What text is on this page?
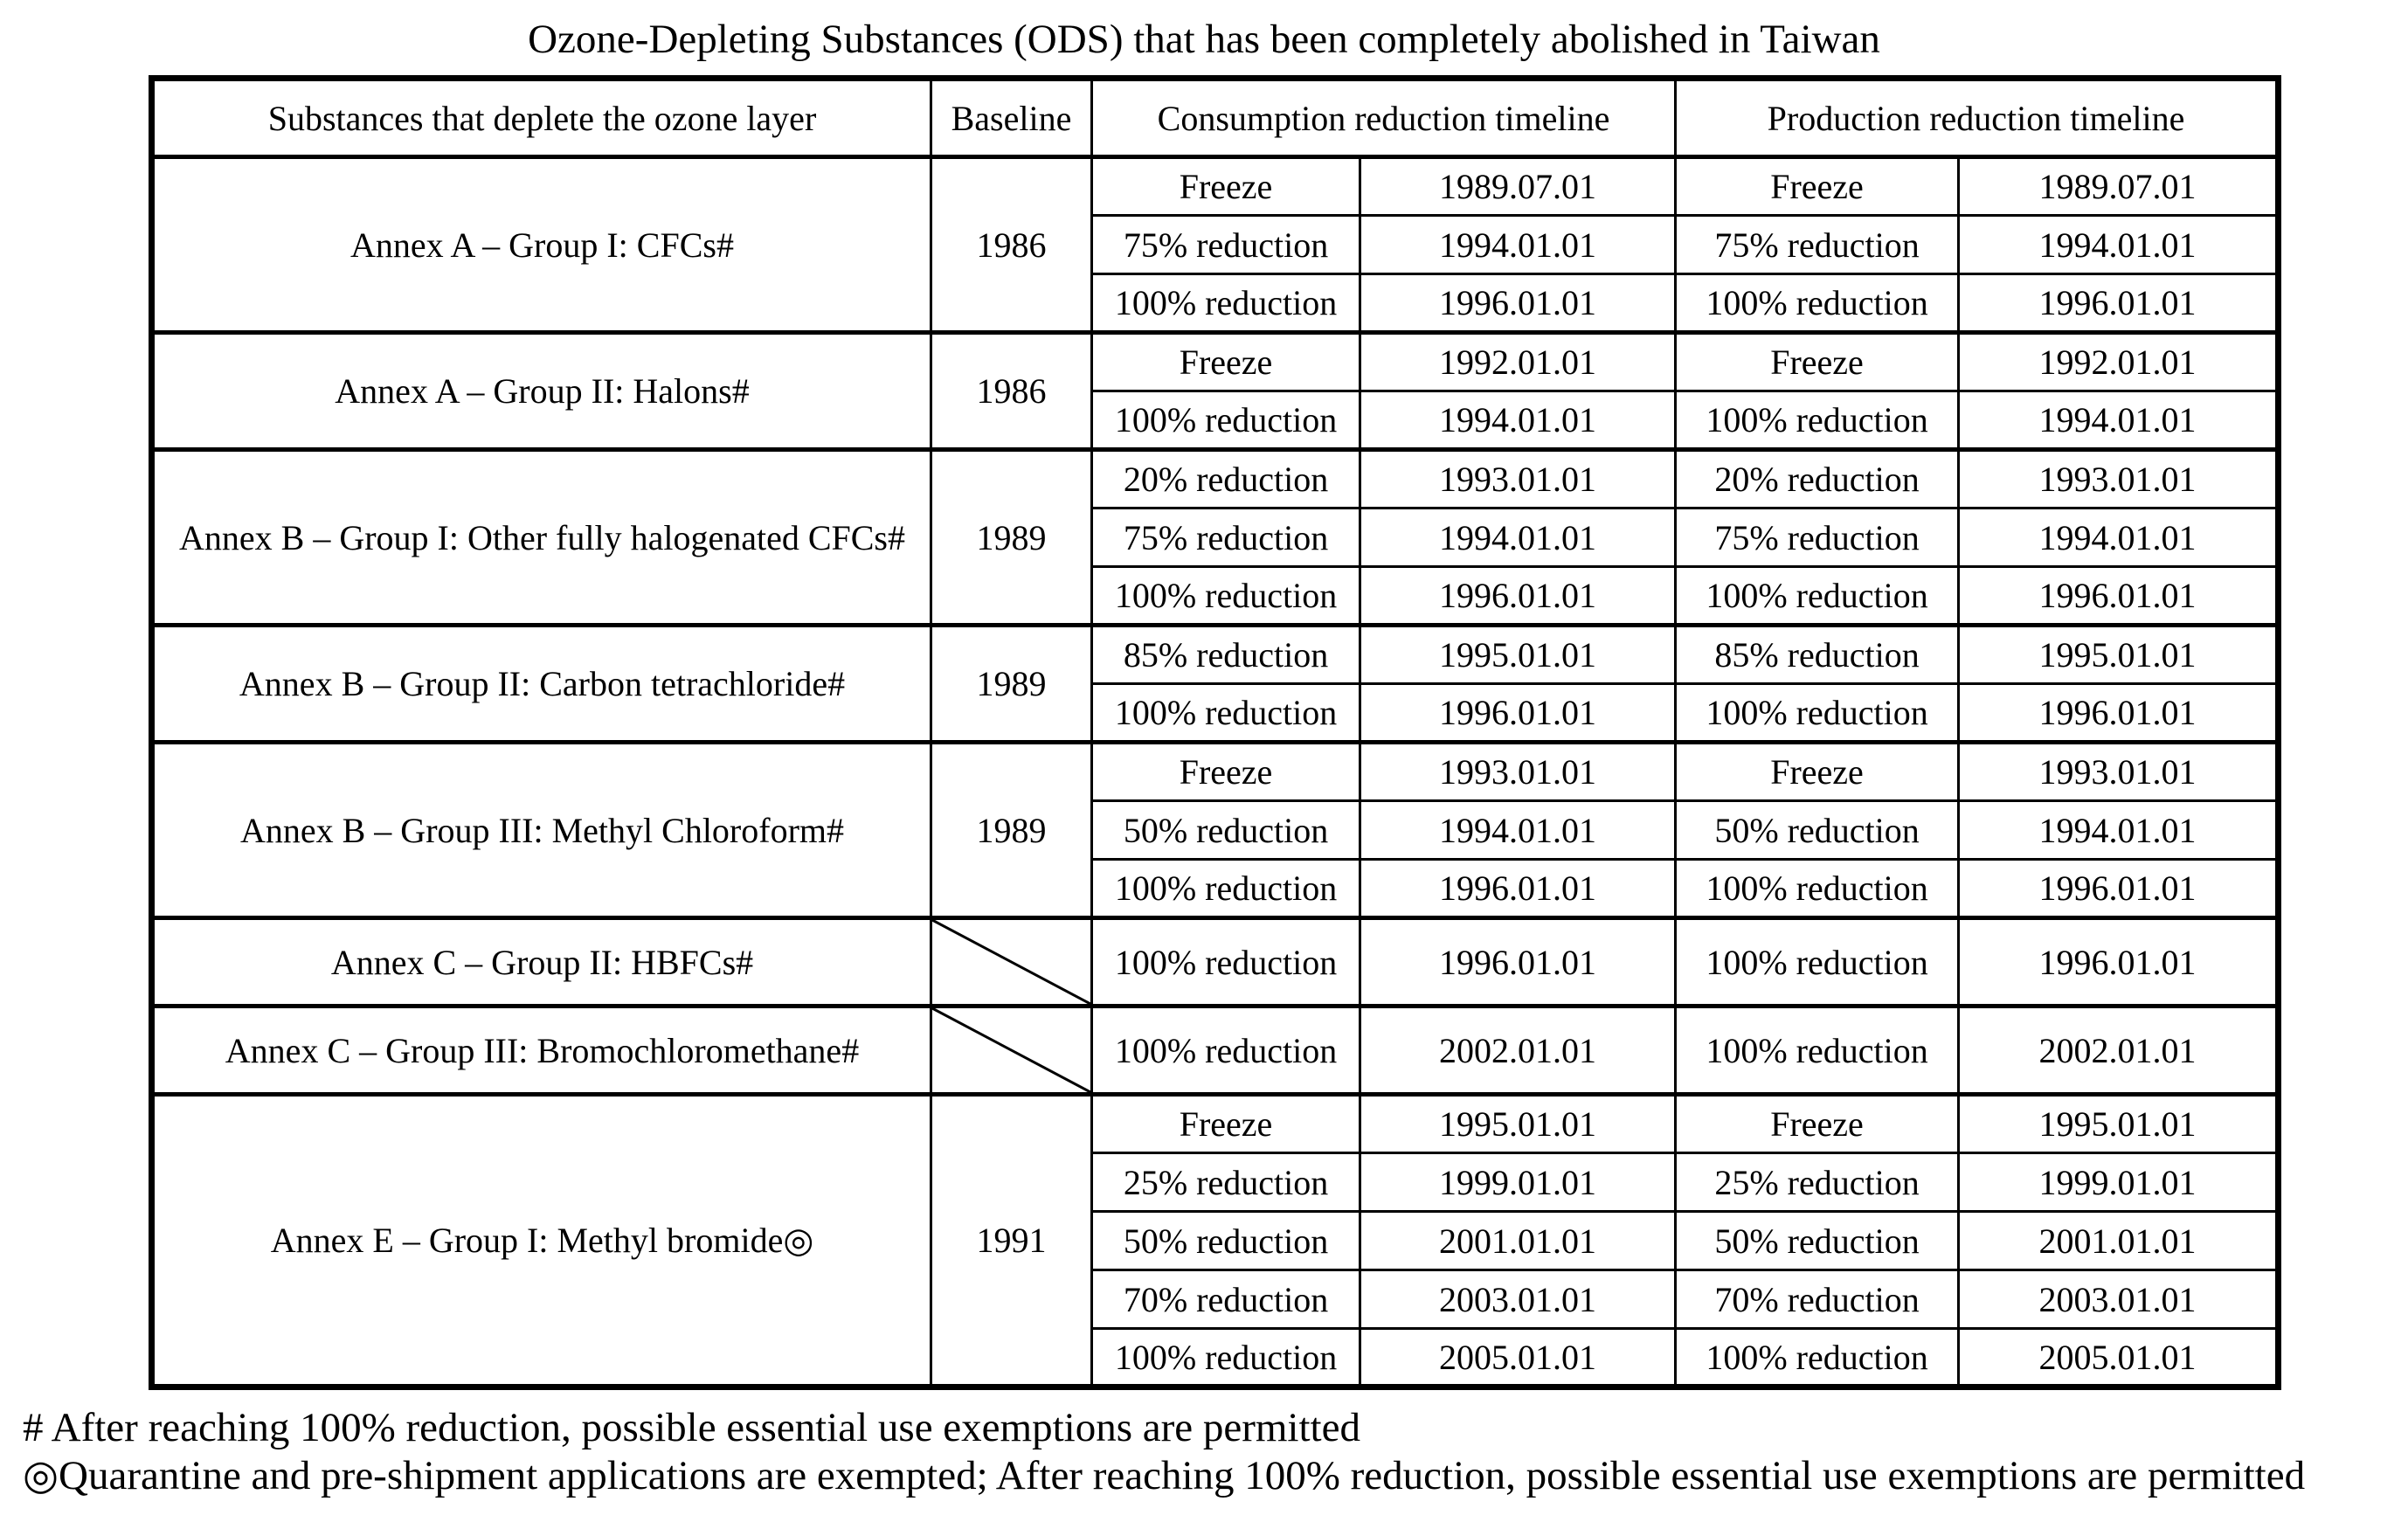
Ozone-Depleting Substances (ODS) that has been completely abolished in Taiwan
Substances that deplete the ozone layer	Baseline	Consumption reduction timeline		Production reduction timeline	
Annex A – Group I: CFCs#	1986	Freeze	1989.07.01	Freeze	1989.07.01
		75% reduction	1994.01.01	75% reduction	1994.01.01
		100% reduction	1996.01.01	100% reduction	1996.01.01
Annex A – Group II: Halons#	1986	Freeze	1992.01.01	Freeze	1992.01.01
		100% reduction	1994.01.01	100% reduction	1994.01.01
Annex B – Group I: Other fully halogenated CFCs#	1989	20% reduction	1993.01.01	20% reduction	1993.01.01
		75% reduction	1994.01.01	75% reduction	1994.01.01
		100% reduction	1996.01.01	100% reduction	1996.01.01
Annex B – Group II: Carbon tetrachloride#	1989	85% reduction	1995.01.01	85% reduction	1995.01.01
		100% reduction	1996.01.01	100% reduction	1996.01.01
Annex B – Group III: Methyl Chloroform#	1989	Freeze	1993.01.01	Freeze	1993.01.01
		50% reduction	1994.01.01	50% reduction	1994.01.01
		100% reduction	1996.01.01	100% reduction	1996.01.01
Annex C – Group II: HBFCs#		100% reduction	1996.01.01	100% reduction	1996.01.01
Annex C – Group III: Bromochloromethane#		100% reduction	2002.01.01	100% reduction	2002.01.01
Annex E – Group I: Methyl bromide◎	1991	Freeze	1995.01.01	Freeze	1995.01.01
		25% reduction	1999.01.01	25% reduction	1999.01.01
		50% reduction	2001.01.01	50% reduction	2001.01.01
		70% reduction	2003.01.01	70% reduction	2003.01.01
		100% reduction	2005.01.01	100% reduction	2005.01.01

# After reaching 100% reduction, possible essential use exemptions are permitted

◎Quarantine and pre-shipment applications are exempted; After reaching 100% reduction, possible essential use exemptions are permitted
